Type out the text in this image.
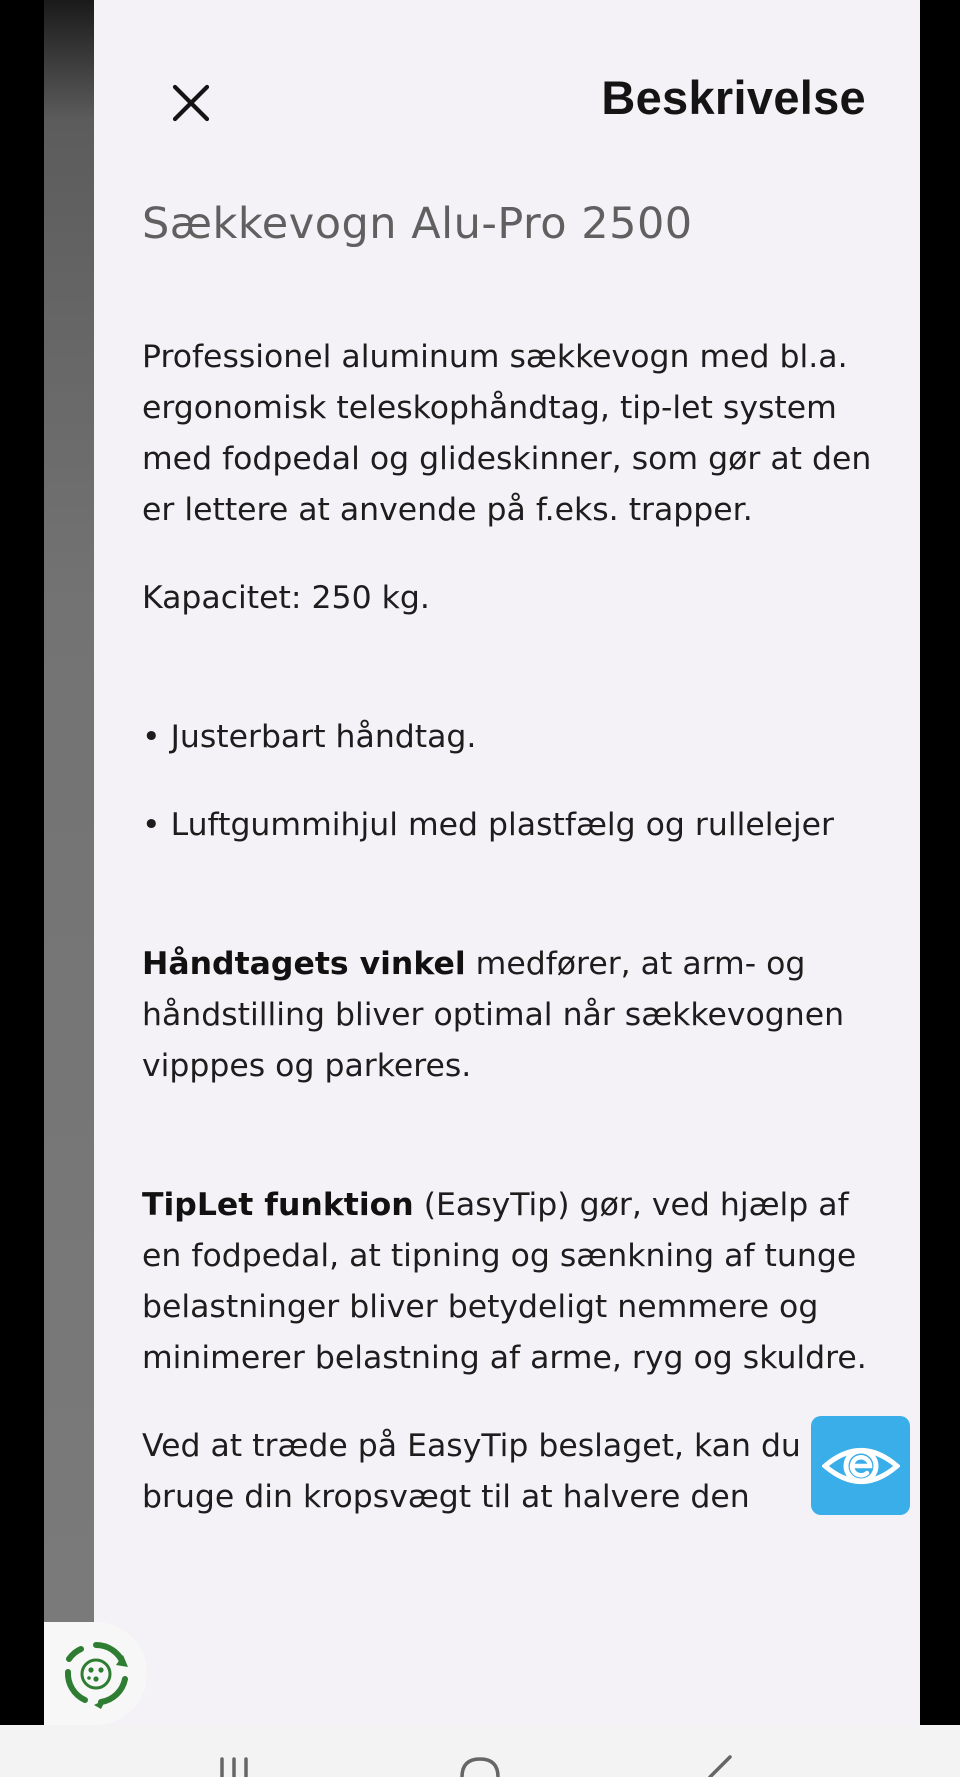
Beskrivelse
Sækkevogn Alu-Pro 2500

Professionel aluminum sækkevogn med bl.a. ergonomisk teleskophåndtag, tip-let system med fodpedal og glideskinner, som gør at den er lettere at anvende på f.eks. trapper.

Kapacitet: 250 kg.

• Justerbart håndtag.

• Luftgummihjul med plastfælg og rullelejer

Håndtagets vinkel medfører, at arm- og håndstilling bliver optimal når sækkevognen vipppes og parkeres.

TipLet funktion (EasyTip) gør, ved hjælp af en fodpedal, at tipning og sænkning af tunge belastninger bliver betydeligt nemmere og minimerer belastning af arme, ryg og skuldre.

Ved at træde på EasyTip beslaget, kan du bruge din kropsvægt til at halvere den
